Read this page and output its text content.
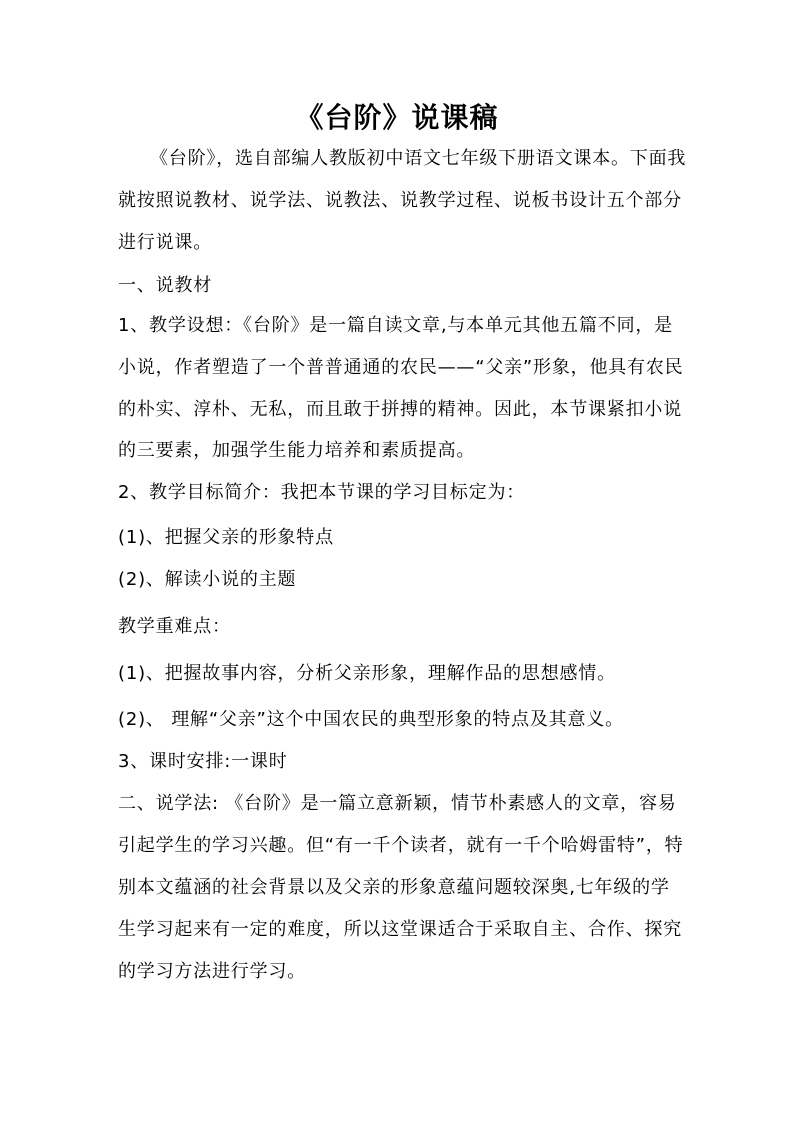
《台阶》说课稿
《台阶》，选自部编人教版初中语文七年级下册语文课本。下面我
就按照说教材、说学法、说教法、说教学过程、说板书设计五个部分
进行说课。
一、说教材
1、教学设想：《台阶》是一篇自读文章,与本单元其他五篇不同，是
小说，作者塑造了一个普普通通的农民——“父亲”形象，他具有农民
的朴实、淳朴、无私，而且敢于拼搏的精神。因此，本节课紧扣小说
的三要素，加强学生能力培养和素质提高。
2、教学目标简介：我把本节课的学习目标定为：
(1)、把握父亲的形象特点
(2)、解读小说的主题
教学重难点：
(1)、把握故事内容，分析父亲形象，理解作品的思想感情。
(2)、 理解“父亲”这个中国农民的典型形象的特点及其意义。
3、课时安排:一课时
二、说学法: 《台阶》是一篇立意新颖，情节朴素感人的文章，容易
引起学生的学习兴趣。但“有一千个读者，就有一千个哈姆雷特”，特
别本文蕴涵的社会背景以及父亲的形象意蕴问题较深奥,七年级的学
生学习起来有一定的难度，所以这堂课适合于采取自主、合作、探究
的学习方法进行学习。
